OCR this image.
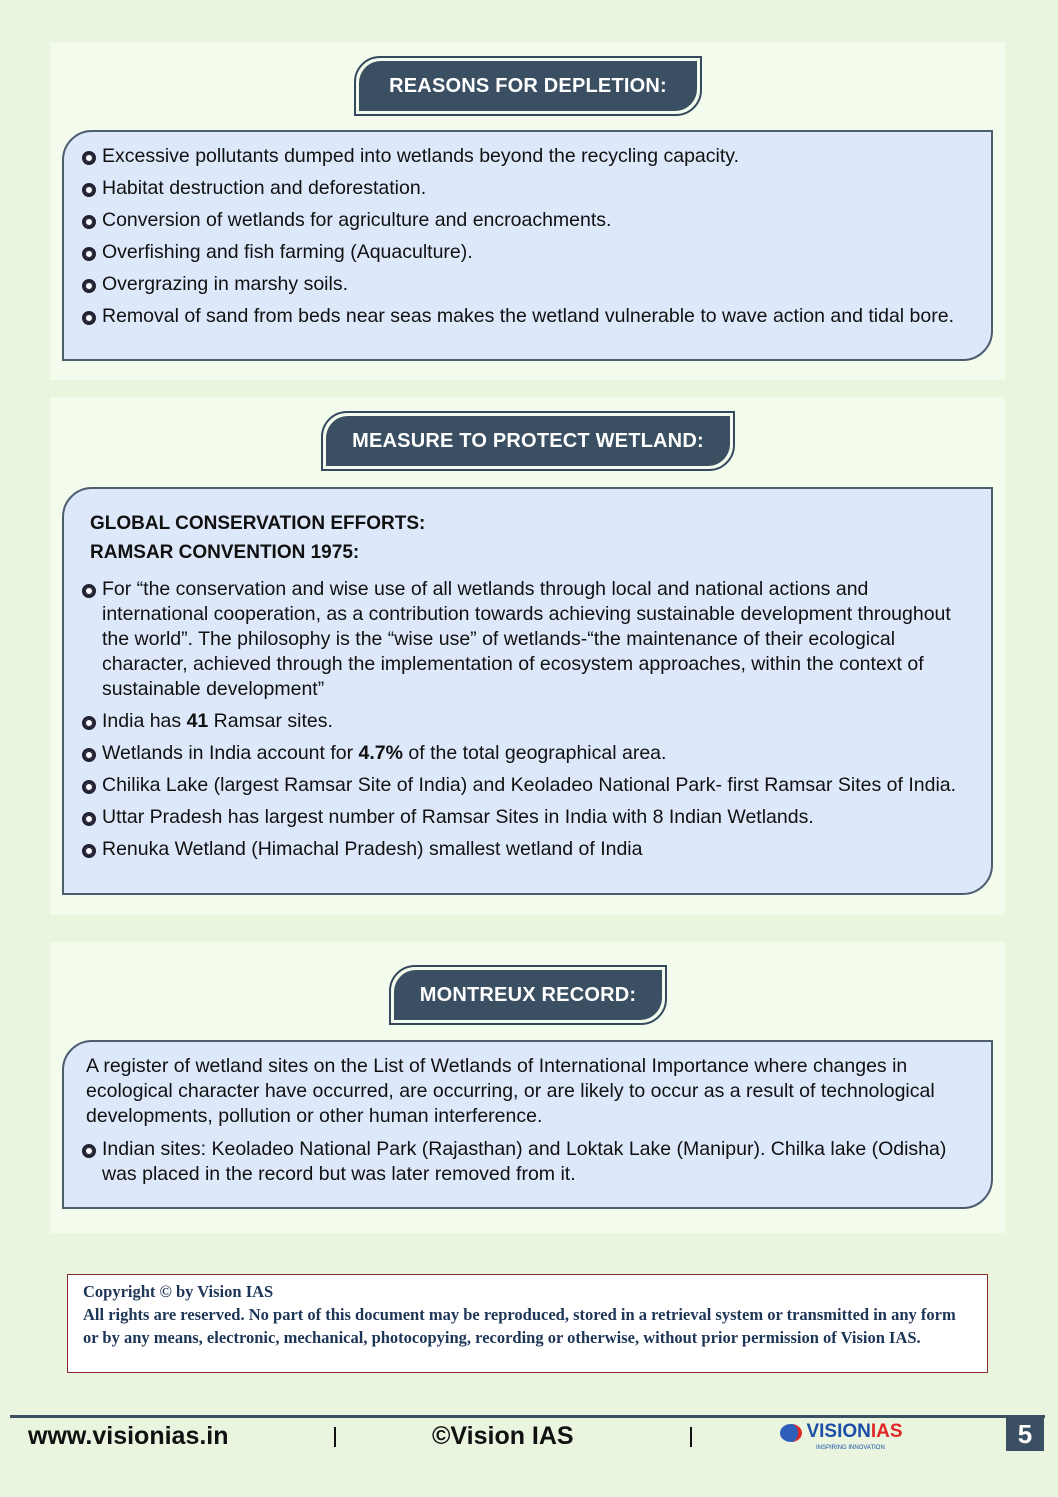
REASONS FOR DEPLETION:
Excessive pollutants dumped into wetlands beyond the recycling capacity.
Habitat destruction and deforestation.
Conversion of wetlands for agriculture and encroachments.
Overfishing and fish farming (Aquaculture).
Overgrazing in marshy soils.
Removal of sand from beds near seas makes the wetland vulnerable to wave action and tidal bore.
MEASURE TO PROTECT WETLAND:
GLOBAL CONSERVATION EFFORTS:
RAMSAR CONVENTION 1975:
For “the conservation and wise use of all wetlands through local and national actions and international cooperation, as a contribution towards achieving sustainable development throughout the world”. The philosophy is the “wise use” of wetlands-“the maintenance of their ecological character, achieved through the implementation of ecosystem approaches, within the context of sustainable development”
India has 41 Ramsar sites.
Wetlands in India account for 4.7% of the total geographical area.
Chilika Lake (largest Ramsar Site of India) and Keoladeo National Park- first Ramsar Sites of India.
Uttar Pradesh has largest number of Ramsar Sites in India with 8 Indian Wetlands.
Renuka Wetland (Himachal Pradesh) smallest wetland of India
MONTREUX RECORD:
A register of wetland sites on the List of Wetlands of International Importance where changes in ecological character have occurred, are occurring, or are likely to occur as a result of technological developments, pollution or other human interference.
Indian sites: Keoladeo National Park (Rajasthan) and Loktak Lake (Manipur). Chilka lake (Odisha) was placed in the record but was later removed from it.
Copyright © by Vision IAS
All rights are reserved. No part of this document may be reproduced, stored in a retrieval system or transmitted in any form or by any means, electronic, mechanical, photocopying, recording or otherwise, without prior permission of Vision IAS.
www.visionias.in	©Vision IAS	VISIONIAS
INSPIRING INNOVATION	5
